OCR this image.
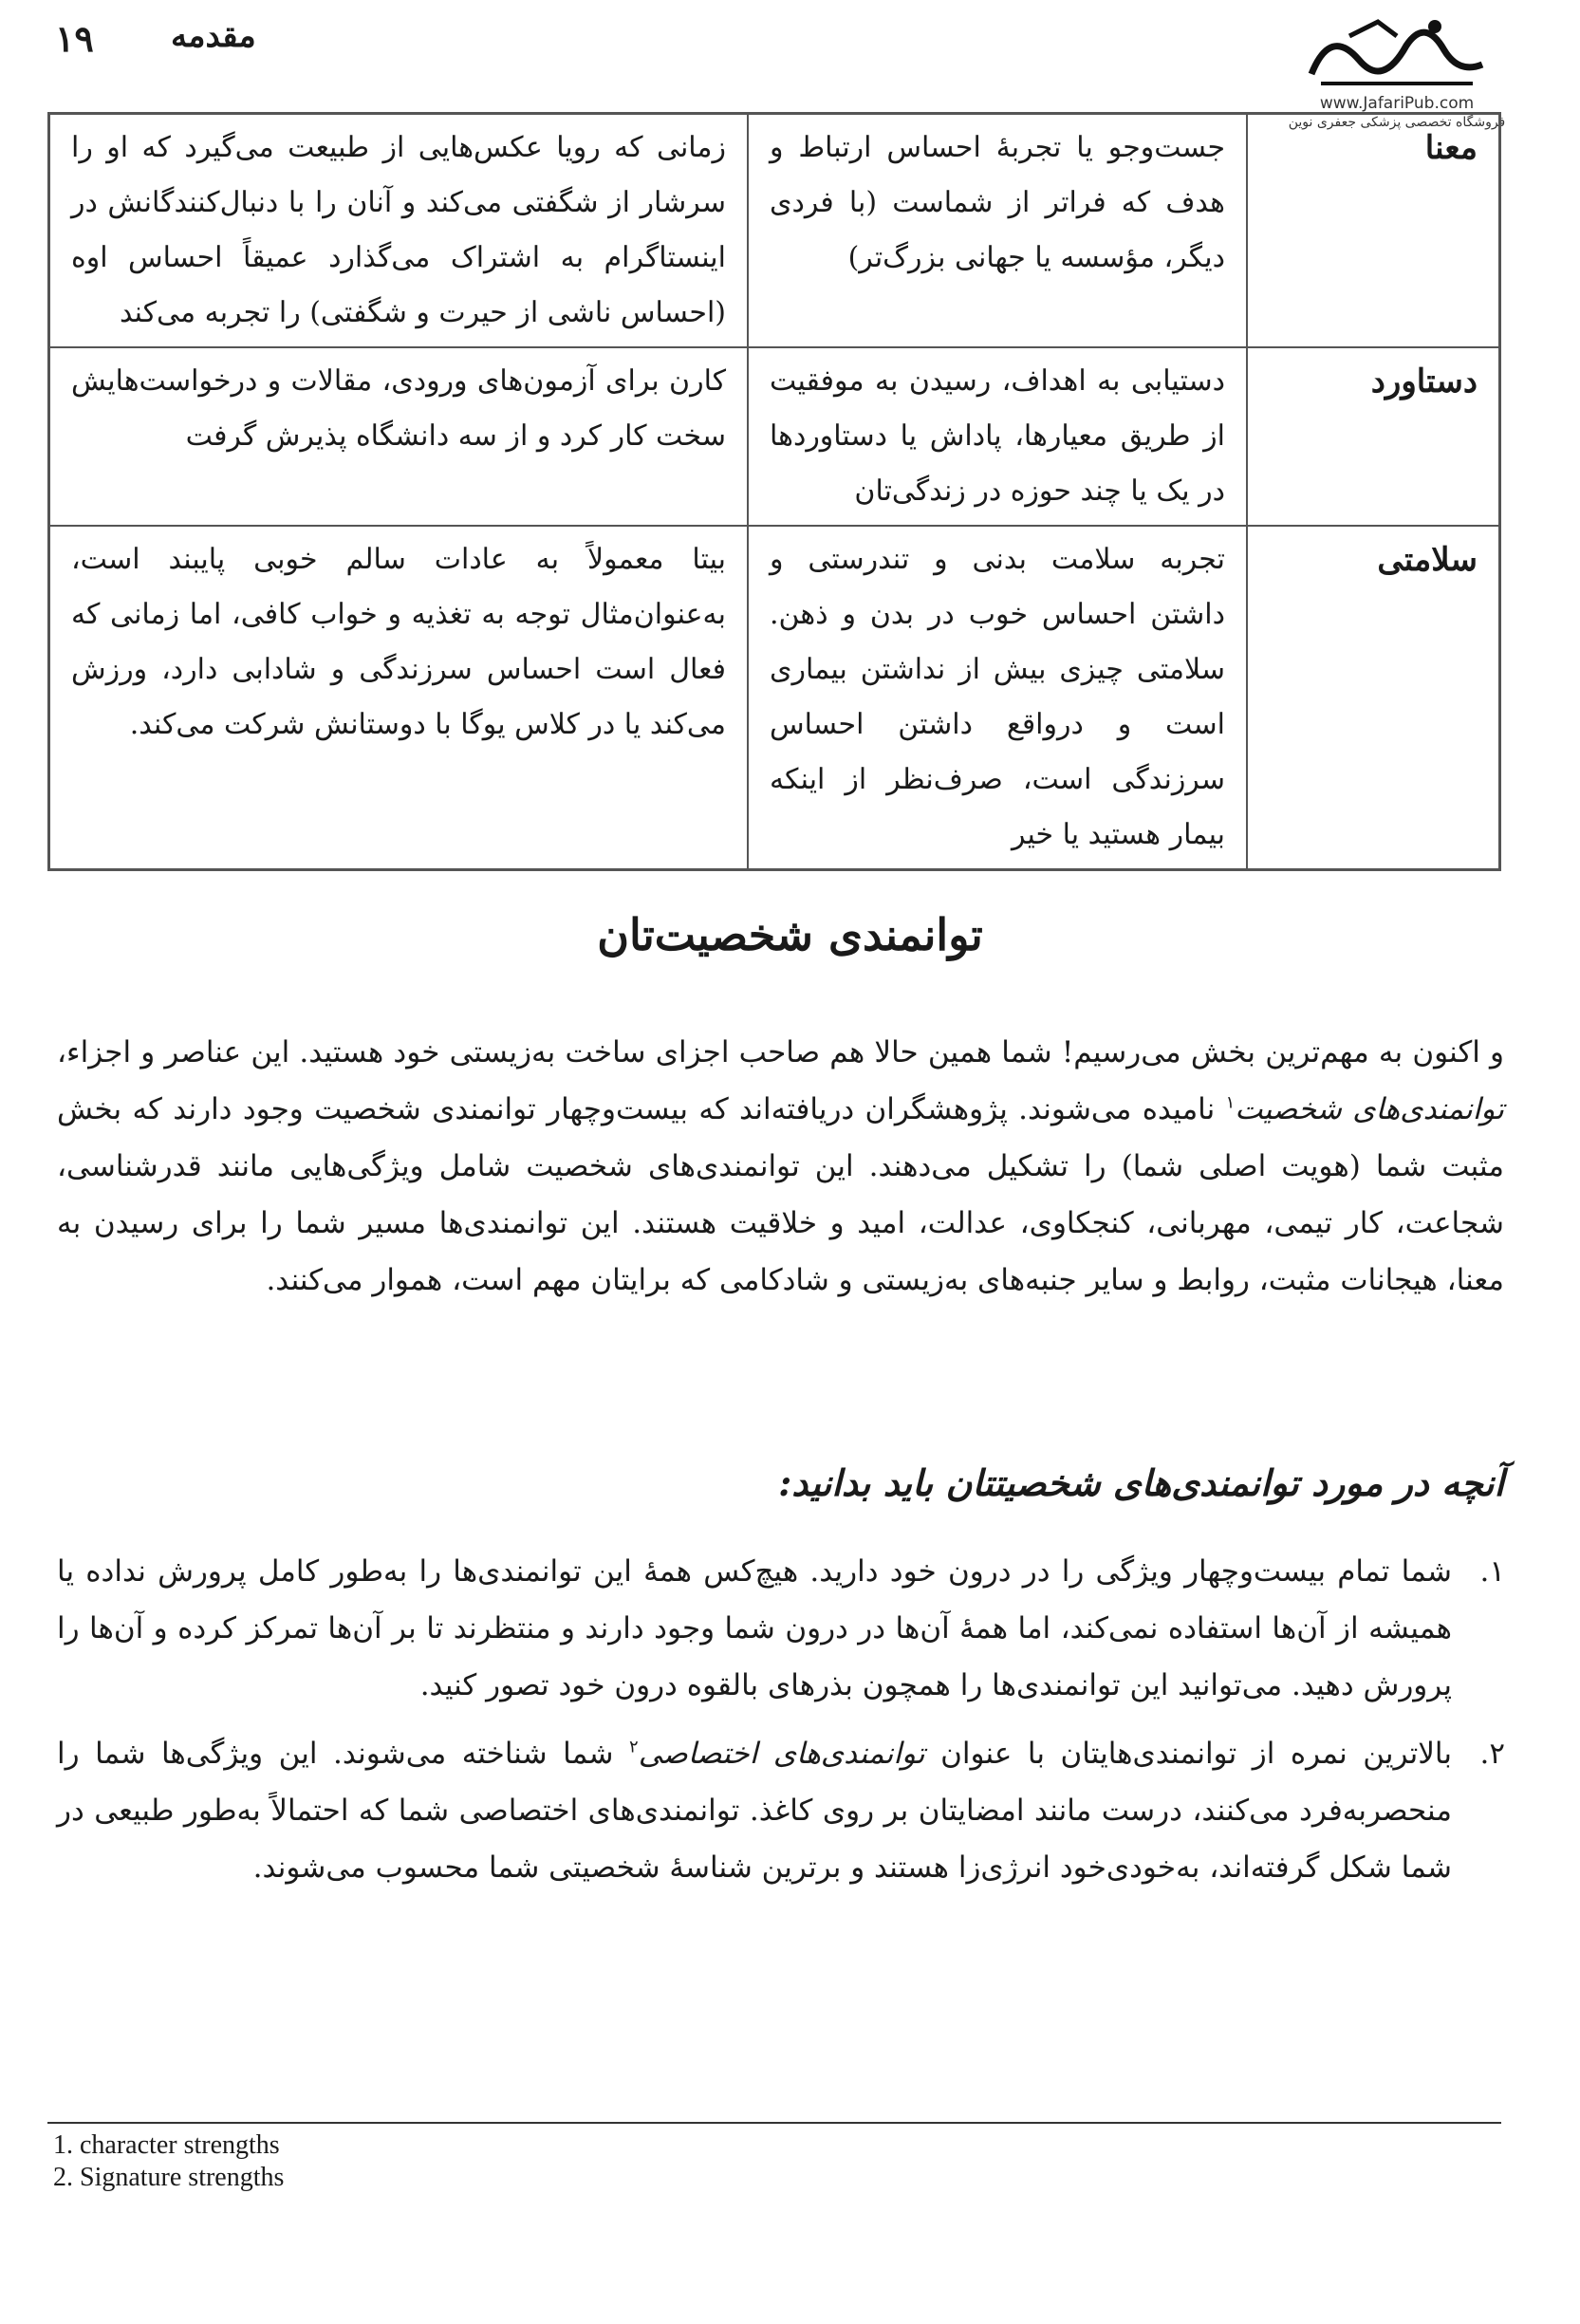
۱۹ مقدمه
www.JafariPub.com
فروشگاه تخصصی پزشکی جعفری نوین
معنا	جست‌وجو یا تجربهٔ احساس ارتباط و هدف که فراتر از شماست (با فردی دیگر، مؤسسه یا جهانی بزرگ‌تر)	زمانی که رویا عکس‌هایی از طبیعت می‌گیرد که او را سرشار از شگفتی می‌کند و آنان را با دنبال‌کنندگانش در اینستاگرام به اشتراک می‌گذارد عمیقاً احساس اوه (احساس ناشی از حیرت و شگفتی) را تجربه می‌کند
دستاورد	دستیابی به اهداف، رسیدن به موفقیت از طریق معیارها، پاداش یا دستاوردها در یک یا چند حوزه در زندگی‌تان	کارن برای آزمون‌های ورودی، مقالات و درخواست‌هایش سخت کار کرد و از سه دانشگاه پذیرش گرفت
سلامتی	تجربه سلامت بدنی و تندرستی و داشتن احساس خوب در بدن و ذهن. سلامتی چیزی بیش از نداشتن بیماری است و درواقع داشتن احساس سرزندگی است، صرف‌نظر از اینکه بیمار هستید یا خیر	بیتا معمولاً به عادات سالم خوبی پایبند است، به‌عنوان‌مثال توجه به تغذیه و خواب کافی، اما زمانی که فعال است احساس سرزندگی و شادابی دارد، ورزش می‌کند یا در کلاس یوگا با دوستانش شرکت می‌کند.
توانمندی شخصیت‌تان

و اکنون به مهم‌ترین بخش می‌رسیم! شما همین حالا هم صاحب اجزای ساخت به‌زیستی خود هستید. این عناصر و اجزاء، توانمندی‌های شخصیت$^۱$ نامیده می‌شوند. پژوهشگران دریافته‌اند که بیست‌وچهار توانمندی شخصیت وجود دارند که بخش مثبت شما (هویت اصلی شما) را تشکیل می‌دهند. این توانمندی‌های شخصیت شامل ویژگی‌هایی مانند قدرشناسی، شجاعت، کار تیمی، مهربانی، کنجکاوی، عدالت، امید و خلاقیت هستند. این توانمندی‌ها مسیر شما را برای رسیدن به معنا، هیجانات مثبت، روابط و سایر جنبه‌های به‌زیستی و شادکامی که برایتان مهم است، هموار می‌کنند.

آنچه در مورد توانمندی‌های شخصیتتان باید بدانید:
۱.
شما تمام بیست‌وچهار ویژگی را در درون خود دارید. هیچ‌کس همهٔ این توانمندی‌ها را به‌طور کامل پرورش نداده یا همیشه از آن‌ها استفاده نمی‌کند، اما همهٔ آن‌ها در درون شما وجود دارند و منتظرند تا بر آن‌ها تمرکز کرده و آن‌ها را پرورش دهید. می‌توانید این توانمندی‌ها را همچون بذرهای بالقوه درون خود تصور کنید.
۲.
بالاترین نمره از توانمندی‌هایتان با عنوان توانمندی‌های اختصاصی$^۲$ شما شناخته می‌شوند. این ویژگی‌ها شما را منحصربه‌فرد می‌کنند، درست مانند امضایتان بر روی کاغذ. توانمندی‌های اختصاصی شما که احتمالاً به‌طور طبیعی در شما شکل گرفته‌اند، به‌خودی‌خود انرژی‌زا هستند و برترین شناسهٔ شخصیتی شما محسوب می‌شوند.
1. character strengths
2. Signature strengths
